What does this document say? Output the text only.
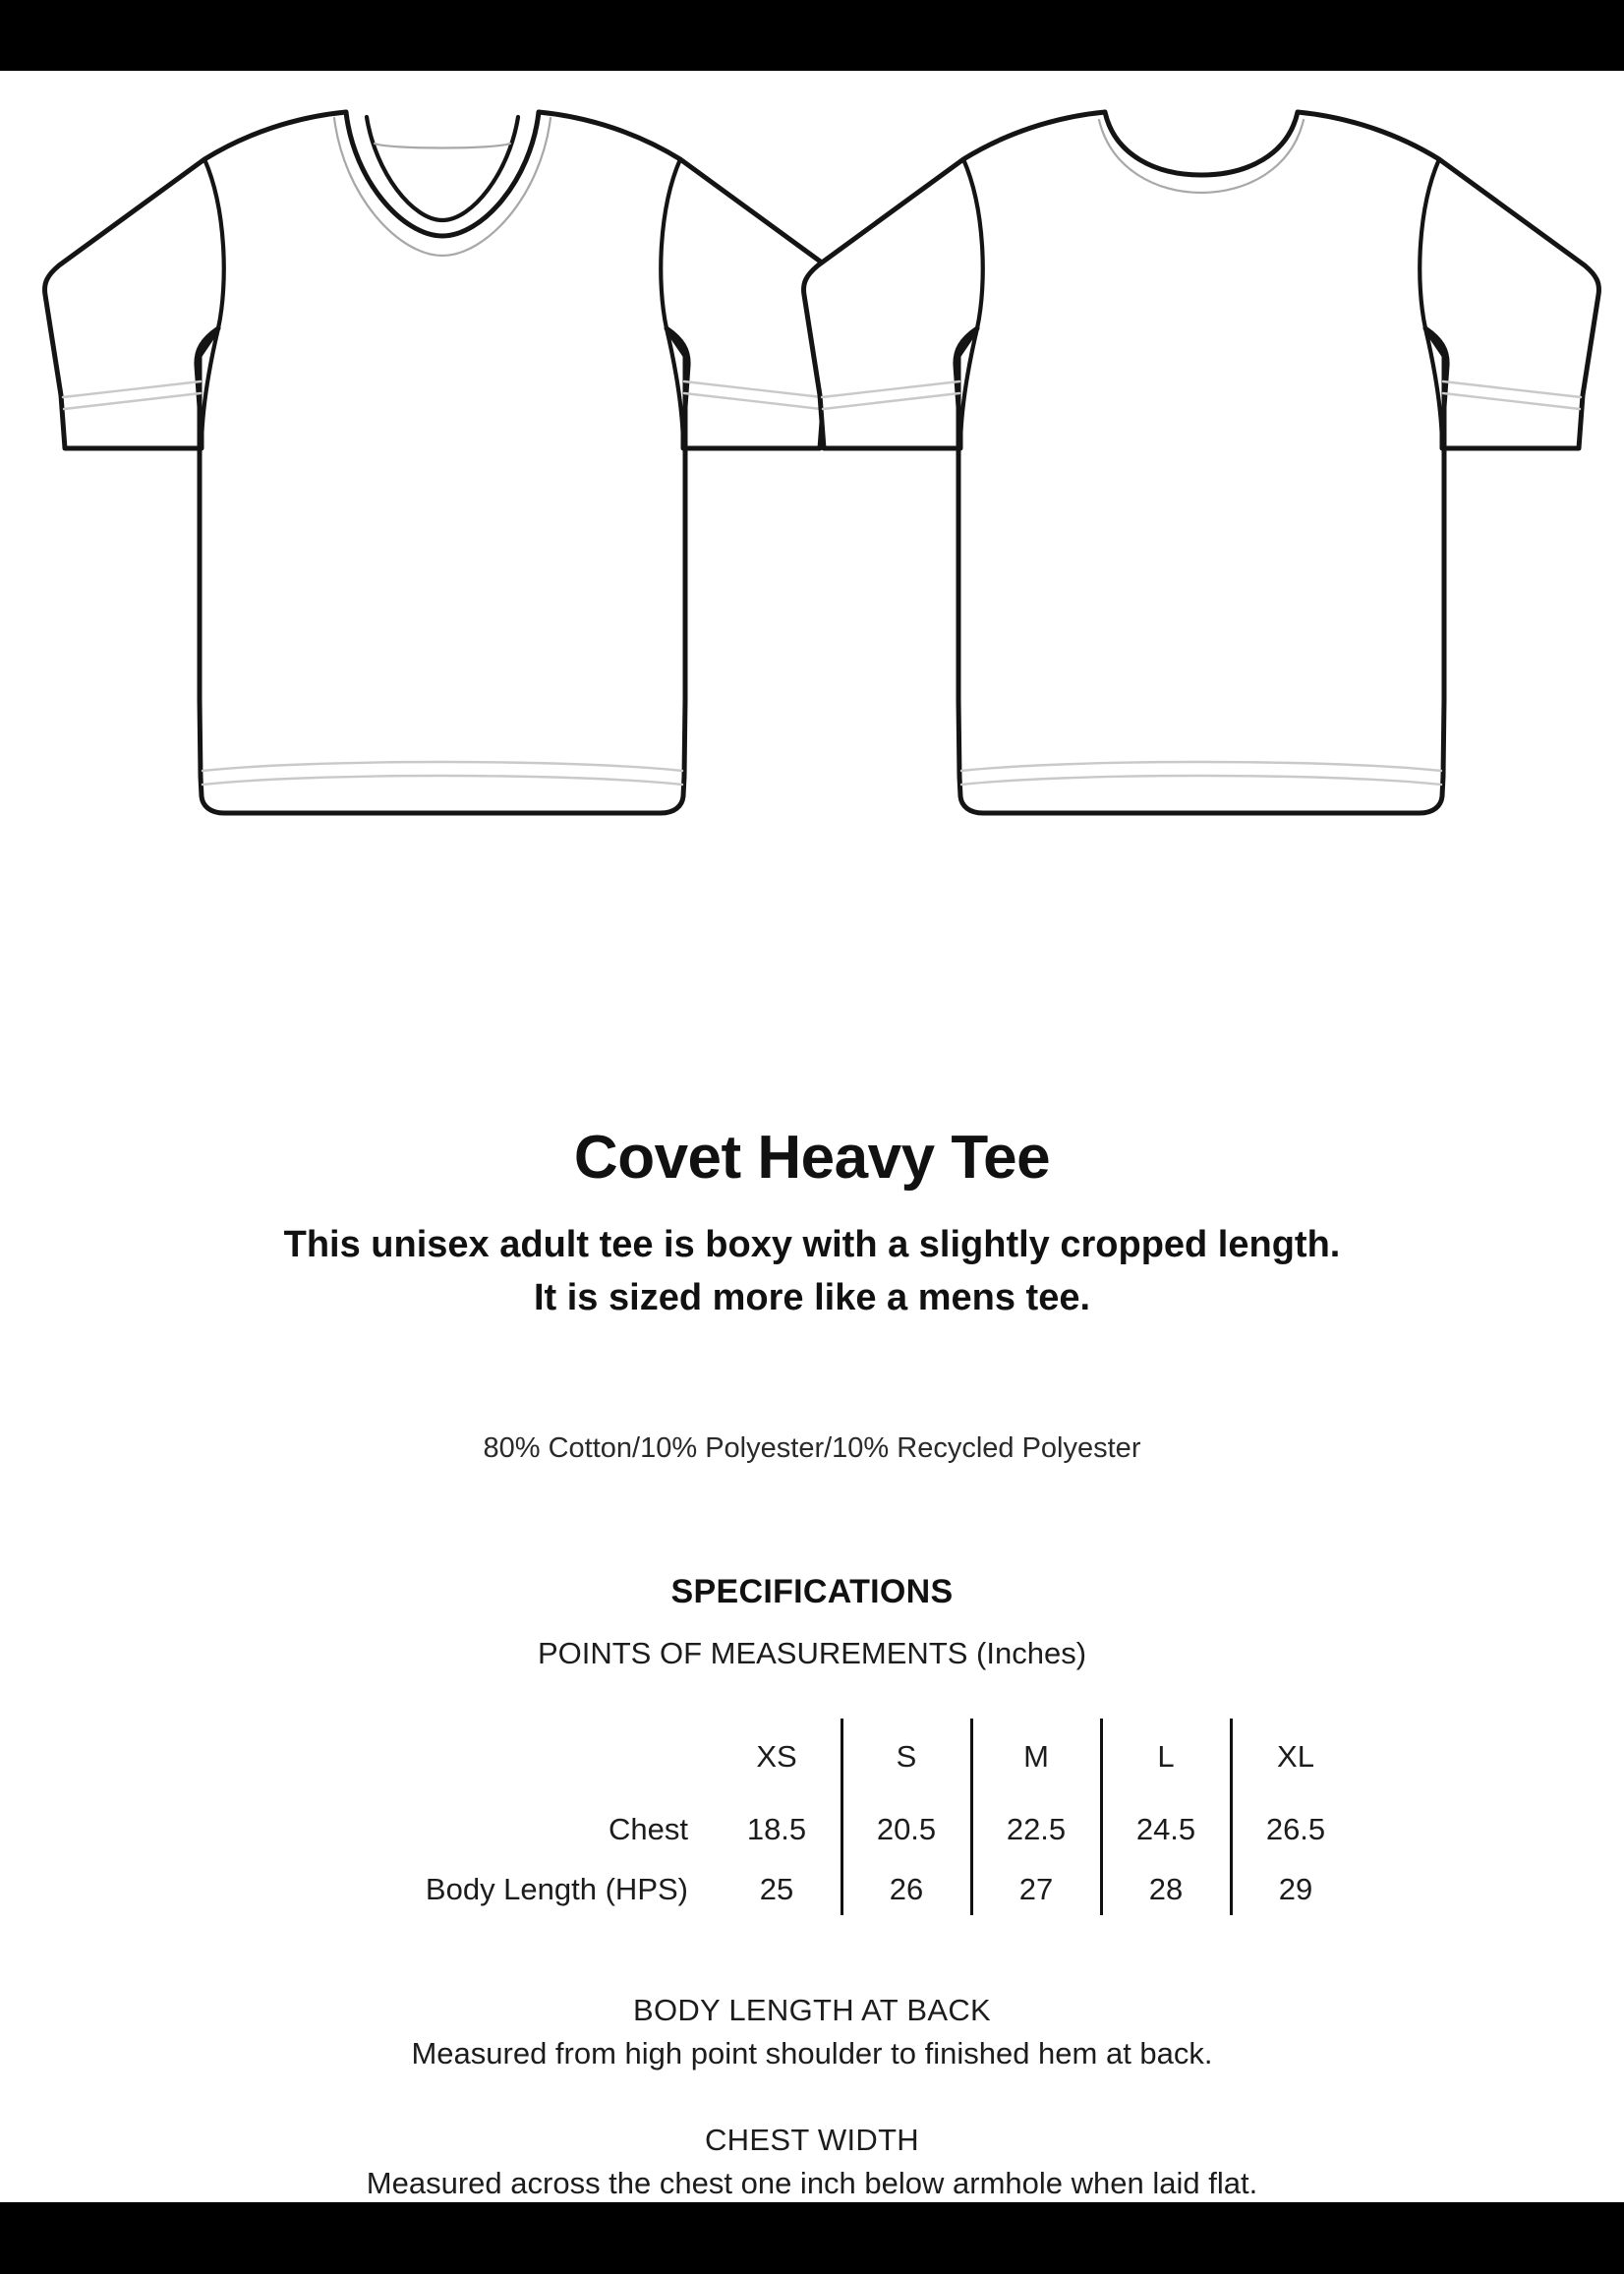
Covet Heavy Tee
This unisex adult tee is boxy with a slightly cropped length.
It is sized more like a mens tee.
80% Cotton/10% Polyester/10% Recycled Polyester
SPECIFICATIONS
POINTS OF MEASUREMENTS (Inches)
	XS		S		M		L		XL
Chest	18.5		20.5		22.5		24.5		26.5
Body Length (HPS)	25		26		27		28		29
BODY LENGTH AT BACK
Measured from high point shoulder to finished hem at back.
CHEST WIDTH
Measured across the chest one inch below armhole when laid flat.
